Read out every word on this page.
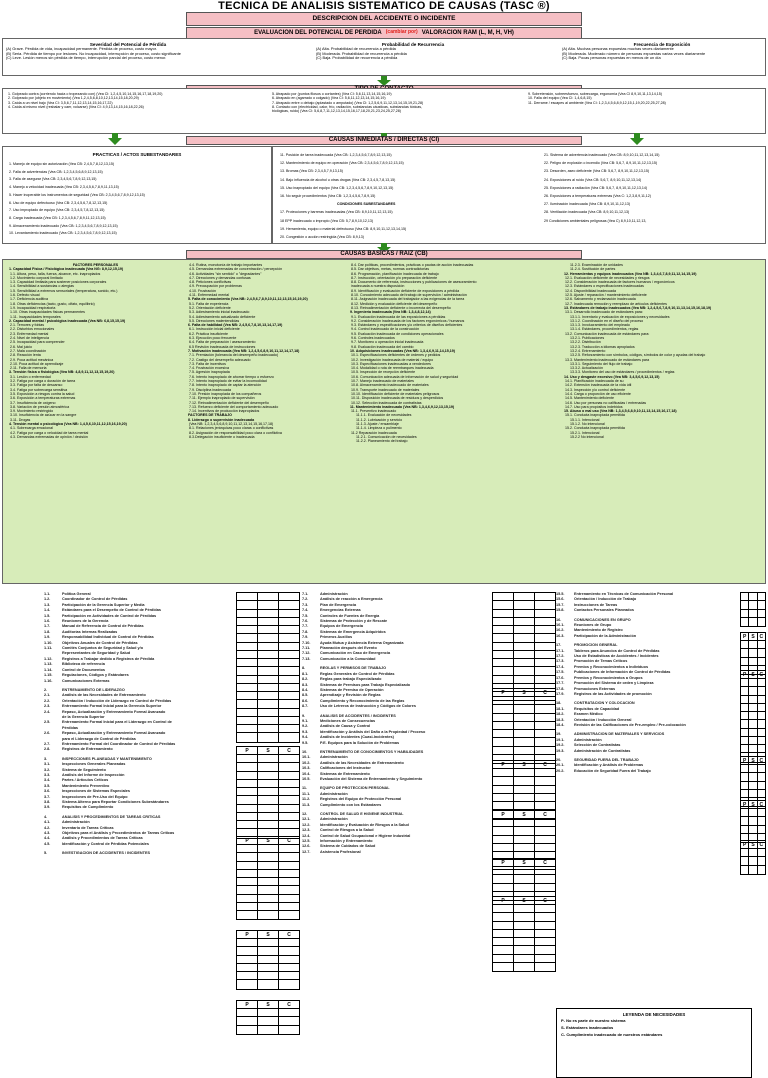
TECNICA DE ANALISIS SISTEMATICO DE CAUSAS (TASC ®)
DESCRIPCION DEL ACCIDENTE O INCIDENTE
EVALUACION DEL POTENCIAL DE PERDIDA (cambiar por) VALORACION RAM (L, M, H, VH)
Severidad del Potencial de Pérdida
(A) Grave. Pérdida de vida, incapacidad permanente. Pérdida de proceso, costo mayor.
(B) Seria. Pérdida de tiempo por lesiones. No incapacidad, interrupción de proceso, costo significante
(C) Leve. Lesión menos sin pérdida de tiempo, interrupción parcial del proceso, costo menor.
Probabilidad de Recurrencia
(A) Alta. Probabilidad de recurrencia a pérdida
(B) Moderada. Probabilidad de recurrencia a pérdida
(C) Baja. Probabilidad de recurrencia a pérdida
Frecuencia de Exposición
(A) Alta. Muchas personas expuestas muchas veces diariamente
(B) Moderada. Moderado número de personas expuestas varias veces diariamente
(C) Baja. Pocas personas expuestas en menos de un día
1. Golpeado contra (corriendo hacia o tropezando con) (Vea CI: 1,2,4,5,10,14,15,16,17,18,19,20)
2. Golpeado por (objeto en movimiento) (Vea 1,2,4,5,6,8,10,12,13,14,15,18,20,29)
3. Caída a un nivel bajo (Vea CI: 3,5,6,7,11,12,13,14,15,16,17,22)
4. Caída al mismo nivel (resbalar y caer, volcarse) (Vea CI: 4,9,13,14,15,16,18,22,26)
5. Atrapado por (puntos filosos o cortantes) (Vea CI: 5,6,11,13,14,15,16,19)
6. Atrapado en (agarrado o colgado) (Vea CI: 5,6,11,12,13,14,15,16,19)
7. Atrapado entre o debajo (aplastado o amputado) (Vea CI: 1,2,5,6,9,11,12,13,14,15,19,21,28)
8. Contacto con (electricidad, calor, frío, radiación, substancias cáusticas, substancias tóxicas,
biológicas, ruido) (Vea CI: 5,6,8,7,11,12,13,14,15,16,17,18,20,21,23,24,25,27,28)
9. Sobretensión, sobreesfuerzo, sobrecarga, ergonomía (Vea CI 8,9,10,11,13,14,15)
10. Falla del equipo (Vea CI: 1,4,6,8,15)
11. Derrame / escapes al ambiente (Vea CI: 1,2,3,4,5,6,8,9,12,15,1,19,20,22,25,27,28)
CAUSAS INMEDIATAS / DIRECTAS (CI)
PRACTICAS / ACTOS SUBESTANDARES
1. Manejo de equipo sin autorización (Vea CB: 2,4,5,7,8,12,13,15)
2. Falla de advertencias (Vea CB: 1,2,3,4,5,6,8,9,12,13,15)
3. Falla de asegurar (Vea CB: 2,3,4,5,6,7,8,9,12,13,15)
4. Manejo a velocidad inadecuada (Vea CB: 2,3,4,5,6,7,8,9,11,13,15)
5. Hacer inoperable los instrumentos de seguridad (Vea CB: 2,3,4,5,6,7,8,9,12,13,15)
6. Uso de equipo defectuoso (Vea CB: 2,3,4,5,6,7,8,12,13,15)
7. Uso impropiado de equipo (Vea CB: 2,3,4,5,7,8,12,13,15)
8. Carga inadecuada (Vea CB: 1,2,3,4,5,6,7,8,9,11,12,13,15)
9. Almacenamiento inadecuado (Vea CB: 1,2,3,4,5,6,7,8,9,12,13,15)
10. Levantamiento inadecuado (Vea CB: 1,2,3,4,5,6,7,8,9,12,13,15)
11. Posición de tarea inadecuada (Vea CB: 1,2,3,4,5,6,7,8,9,12,13,15)
12. Mantenimiento de equipo en operación (Vea CB: 2,3,4,5,6,7,8,9,12,13,15)
13. Bromas (Vea CB: 2,3,4,5,7,9,13,15)
14. Bajo influencia de alcohol u otras drogas (Vea CB: 2,3,4,5,7,8,13,15)
15. Uso inapropiado del equipo (Vea CB: 1,2,3,4,5,6,7,8,9,10,12,13,15)
16. No seguir procedimientos (Vea CB: 1,2,3,4,5,6,7,8,9,15)
CONDICIONES SUBESTANDARES
17. Protecciones y barreras inadecuadas (Vea CB: 8,9,10,11,12,13,15)
18 EPP inadecuado o impropio (Vea CB: 5,7,8,9,10,12,13)
19. Herramienta, equipo o material defectuoso (Vea CB: 8,9,10,11,12,13,14,15)
20. Congestión o acción restringida (Vea CB: 8,9,13)
21. Sistema de advertencia inadecuado (Vea CB: 8,9,10,11,12,13,14,15)
22. Peligro de explosión o incendio (Vea CB: 5,6,7, 8,9,10,11,12,13,15)
23. Desorden, aseo deficiente (Vea CB: 5,6,7, 8,9,10,11,12,13,15)
24. Exposiciones al ruido (Vea CB: 5,6,7, 8,9,10,11,12,13,14)
25. Exposiciones a radiación (Vea CB: 5,6,7, 8,9,10,11,12,13,14)
26. Exposiciones a temperaturas extremas (Vea C: 1,2,3,8,9,11,12)
27. Iluminación inadecuada (Vea CB: 8,9,10,11,12,13)
28. Ventilación inadecuada (Vea CB: 8,9,10,11,12,13)
29 Condiciones ambientales peligrosas (Vea C) 8,9,10,11,12,13,
CAUSAS BASICAS / RAIZ (CB)
FACTORES PERSONALES
1. Capacidad Física / Fisiológica inadecuada (Vea NG: 8,9,12,15,19)
1.1. Altura, peso, talla, fuerza, alcance, etc. inapropiados
1.2. Movimiento corporal limitado
1.3. Capacidad limitada para sostener posiciones corporales
1.4. Sensibilidad a sustancias o alergias
1.5. Sensibilidad a extremos sensoriales (temperatura, sonido, etc.)
1.6. Defecto visual
1.7. Deficiencia auditiva
1.8. Otras deficiencias (tacto, gusto, olfato, equilibrio)
1.9. Incapacidad respiratoria
1.10. Otras incapacidades físicas permanentes
1.11. Incapacidades temporales
2. Capacidad mental / psicológica inadecuada (Vea NB: 6,8,15,15,19)
2.1. Temores y fobias
2.2. Disturbios emocionales
2.3. Enfermedad mental
2.4. Nivel de inteligencia
2.5. Incapacidad para comprender
2.6. Mal juicio
2.7. Mala coordinación
2.8. Reacción lenta
2.9. Poca actitud mecánica
2.10. Poca actitud de aprendizaje
2.11. Falla de memoria
3. Tensión física o fisiológica (Vea NB: 4,8,9,11,12,13,15,19,20)
3.1. Lesión o enfermedad
3.2. Fatiga por carga o duración de tarea
3.3. Fatiga por falta de descanso
3.4. Fatiga por sobrecarga sensitiva
3.5. Exposición a riesgos contra la salud
3.6. Exposición a temperaturas extremas
3.7. Insuficiencia de oxígeno
3.8. Variación de presión atmosférica
3.9. Movimiento restringido
3.10. Insuficiencia de azúcar en la sangre
3.11. Drogas
4. Tensión mental o psicológica (Vea NB: 1,4,5,6,10,11,12,15,16,19,20)
4.1. Sobrecarga emocional
4.2. Fatiga por carga o velocidad de tarea mental
4.3. Demandas extremadas de opinión / decisión
4.4. Rutina, monotonía de trabajo importantes
4.5. Demandas extremadas de concentración / percepción
4.6. Actividades "sin sentido" o "degradantes"
4.7. Direcciones y demandas confusas
4.8. Peticiones conflictivas
4.9. Preocupación por problemas
4.10. Frustración
4.11. Enfermedad mental
5. Falta de conocimiento (Vea NB: 2,4,5,6,7,8,9,10,11,12,13,15,16,19,20)
5.1. Falta de experiencia
5.2. Orientación deficiente
5.3. Adiestramiento inicial inadecuado
5.4. Adiestramiento actualizado deficiente
5.5. Direcciones malentendidas
6. Falta de habilidad (Vea NB: 2,4,5,6,7,8,10,13,14,17,19)
6.1. Instrucción inicial deficiente
6.2. Práctica insuficiente
6.3. Ejecución poco frecuente
6.4. Falta de preparación / asesoramiento
6.5 Revisión inadecuada de instrucciones
7. Motivación inadecuada (Vea NB: 1,2,4,5,6,8,9,10,11,12,14,17,18)
7.1. Premiación (tolerancia del desempeño inadecuado)
7.2. Castigo del desempeño adecuado
7.3. Falta de incentivos
7.4. Frustración excesiva
7.5. Agresión inapropiada
7.6. Intento inapropiado de ahorrar tiempo o esfuerzo
7.7. Intento inapropiado de evitar la incomodidad
7.8. Intento inapropiado de captar la atención
7.9. Disciplina inadecuada
7.10. Presión inapropiada de los compañeros
7.11. Ejemplo inapropiado de supervisión
7.12. Retroalimentación deficiente del desempeño
7.13. Refuerzo deficiente del comportamiento adecuado
7.14. Incentivos de producción inapropiados
FACTORES DE TRABAJO
8. Liderazgo o supervisión inadecuada
(Vea NB: 1,2,3,4,5,6,8,9,10,11,12,13,14,15,16,17,18)
8.1. Relaciones jerárquicas poco claras o conflictivas
8.2. Asignación de responsabilidad poco clara o conflictiva
8.3.Delegación insuficiente o inadecuada
8.4. Dar políticas, procedimientos, prácticas o pautas de acción inadecuadas
8.5. Dar objetivos, metas, normas contradictorias
8.6. Programación, planificación inadecuada de trabajo
8.7. Instrucción, orientación y/o preparación deficiente
8.8. Documento de referencia, instrucciones y publicaciones de asesoramiento
inadecuada a nuestra disposición
8.9. Identificación y evaluación deficiente de exposiciones a pérdida
8.10. Conocimiento adecuado del trabajo de supervisión / administración
8.11. Asignación inadecuada del trabajador a las exigencias de la tarea
8.12. Medición y evaluación deficiente del desempeño
8.13. Retroalimentación deficiente o incorrecta del desempeño
9. Ingeniería inadecuada (Vea NB: 1,3,4,8,12,14)
9.1. Evaluación inadecuada de las exposiciones a pérdidas
9.2. Consideración inadecuada de los factores ergonómicos / humanos
9.3. Estándares y especificaciones y/o criterios de diseños deficientes
9.4. Control inadecuado de la construcción
9.5. Evaluación inadecuada de condiciones operacionales
9.6. Controles inadecuados
9.7. Monitoreo u operación inicial inadecuada
9.8. Evaluación inadecuada del cambio
10. Adquisiciones inadecuadas (Vea NB: 1,3,4,6,9,11,14,15,19)
10.1. Especificaciones deficientes de órdenes y pedidos
10.2. Investigación inadecuada de material / equipo
10.3. Especificaciones inadecuadas a vendedores
10.4. Modalidad o ruta de reembarques inadecuada
10.5. Inspección de recepción deficiente
10.6. Comunicación adecuada de información de salud y seguridad
10.7. Manejo inadecuado de materiales
10.8. Almacenamiento inadecuado de materiales
10.9. Transporte inadecuado de materiales
10.10. Identificación deficiente de materiales peligrosos
10.11. Disposición inadecuada de residuos y desperdicios
10.12. Selección inadecuada de contratistas
11. Mantenimiento inadecuado (Vea NB: 1,3,4,6,9,12,13,15,19)
11.1. Preventivo inadecuado
11.1.1. Evaluación de necesidades
11.1.2. Lubricación y servicio
11.1.3. Ajuste / ensamblaje
11.1.4. Limpieza o pulimento
11.2 Reparación inadecuada
11.2.1. Comunicación de necesidades
11.2.2. Planeamiento del trabajo
11.2.3. Examinación de unidades
11.2.4. Sustitución de partes
12. Herramientas y equipos inadecuados (Vea NB: 1,3,4,6,7,8,9,11,12,14,15,19)
12.1. Evaluación deficiente de necesidades y riesgos
12.2. Consideración inadecuada de factores humanos / ergonómicos
12.3. Estándares o especificaciones inadecuadas
12.4. Disponibilidad inadecuada
12.5. Ajuste / reparación / mantenimiento deficiente
12.6. Salvamento y reclamación inadecuada
12.7. Inadecuada remoción y reemplazo de artículos deficientes
13. Estándares de trabajo inadecuados (Vea NB: 1,2,4,5,6,7,8,9,10,11,13,14,15,16,18,19)
13.1. Desarrollo inadecuado de estándares para:
13.1.1. Inventario y evaluación de exposiciones y necesidades
13.1.2. Coordinación en el diseño del proceso
13.1.3. Involucramiento del empleado
13.1.4. Estándares, procedimientos, reglas
13.2. Comunicación inadecuada de estándares para:
13.2.1. Publicaciones
13.2.2. Distribución
13.2.3. Traducción a idiomas apropiados
13.2.4. Entrenamiento
13.2.5. Reforzamiento con símbolos, códigos, símbolos de color y ayudas del trabajo
13.3. Mantenimiento inadecuado de estándares para
13.3.1. Seguimiento del flujo de trabajo
13.3.2. Actualización
13.3.3. Monitoreo del uso de estándares / procedimientos / reglas
14. Uso y desgaste excesivo (Vea NB: 3,4,5,6,9,12,13,15)
14.1. Planificación inadecuada de su
14.2. Extensión inadecuada de la vida útil
14.3. Inspección y/o control deficiente
14.4. Carga o proporción de uso eficiente
14.5. Mantenimiento deficiente
14.6. Uso por personas no calificadas / entrenadas
14.7. Uso para propósitos indebidos
15. Abuso o mal uso (Vea NB: 1,3,4,5,6,8,9,10,11,13,14,15,16,17,18)
15.1. Conducta inapropiada permitida
15.1.1. Intencional
15.1.2. No intencional
15.2. Conducta inapropiada permitida
15.2.1. Intencional
15.2.2 No intencional
1.1.	Política General
1.2.	Coordinador de Control de Pérdidas
1.3.	Participación de la Gerencia Superior y Media
1.4.	Estándares para el Desempeño de Control de Pérdidas
1.5.	Participación en Actividades de Control de Pérdidas
1.6.	Reuniones de la Gerencia
1.7.	Manual de Referencia de Control de Pérdidas
1.8.	Auditorías Internas Realizadas
1.9.	Responsabilidad Individual de Control de Pérdidas
1.10.	Objetivos Anuales de Control de Pérdidas
1.11.	Comités Conjuntos de Seguridad y Salud y/o
Representantes de Seguridad y Salud
1.12.	Registros a Trabajar dedido a Registros de Pérdida
1.13.	Biblioteca de referencia
1.14.	Control de Documentos
1.15.	Regulaciones, Códigos y Estándares
1.16.	Comunicaciones Externas
2.	ENTRENAMIENTO DE LIDERAZGO
2.1.	Análisis de las Necesidades de Entrenamiento
2.2.	Orientación / Inducción de Liderazgo en Control de Pérdidas
2.3.	Entrenamiento Formal Inicial para la Gerencia Superior
2.4.	Repaso, Actualización y Entrenamiento Formal Avanzado
de la Gerencia Superior
2.5.	Entrenamiento Formal Inicial para el Liderazgo en Control de
Pérdidas
2.6.	Repaso, Actualización y Entrenamiento Formal Avanzado
para el Liderazgo de Control de Pérdidas
2.7.	Entrenamiento Formal del Coordinador de Control de Pérdidas
2.8.	Registros de Entrenamiento
3.	INSPECCIONES PLANEADAS Y MANTENIMIENTO
3.1.	Inspecciones Generales Planeadas
3.2.	Sistema de Seguimiento
3.3.	Análisis del Informe de Inspección
3.4.	Partes / Artículos Críticos
3.5.	Mantenimiento Preventivo
3.6.	Inspecciones de Sistemas Especiales
3.7.	Inspecciones de Pre-Uso del Equipo
3.8.	Sistema Alterno para Reportar Condiciones Subestándares
3.9.	Requisitos de Cumplimiento
4.	ANALISIS Y PROCEDIMIENTOS DE TAREAS CRITICAS
4.1.	Administración
4.2.	Inventario de Tareas Críticas
4.3.	Objetivos para el Análisis y Procedimientos de Tareas Críticas
4.4.	Análisis y Procedimientos de Tareas Críticas
4.5.	Identificación y Control de Pérdidas Potenciales
5.	INVESTIGACION DE ACCIDENTES / INCIDENTES
7.1.	Administración
7.2.	Análisis de reacción a Emergencia
7.3.	Plan de Emergencia
7.4.	Emergencias Externas
7.5.	Controles de Fuentes de Energía
7.6.	Sistemas de Protección y de Rescate
7.7.	Equipos de Emergencia
7.8.	Sistemas de Emergencia Adquiridos
7.9.	Primeros Auxilios
7.10.	Ayuda Mutua y Asistencia Externa Organizada
7.11.	Planeación después del Evento
7.12.	Comunicación en Caso de Emergencia
7.13.	Comunicación a la Comunidad
8.	REGLAS Y PERMISOS DE TRABAJO
8.1.	Reglas Generales de Control de Pérdidas
8.2.	Reglas para trabajo Especializado
8.3.	Sistemas de Permisos para Trabajo Especializado
8.4.	Sistemas de Permiso de Operación
8.5.	Aprendizaje y Revisión de Reglas
8.6.	Cumplimiento y Reconocimiento de las Reglas
8.7.	Uso de Letreros de Instrucción y Códigos de Colores
9.	ANALISIS DE ACCIDENTES / INCIDENTES
9.1.	Mediciones de Consecuencias
9.2.	Análisis de Causa y Control
9.3.	Identificación y Análisis del Daño a la Propiedad / Proceso
9.4.	Análisis de Incidentes (Cuasi-Incidentes)
9.5.	P.E. Equipos para la Solución de Problemas
10.	ENTRENAMIENTO DE CONOCIMIENTOS Y HABILIDADES
10.1.	Administración
10.2.	Análisis de las Necesidades de Entrenamiento
10.3.	Calificaciones del Instructor
10.4.	Sistemas de Entrenamiento
10.5.	Evaluación del Sistema de Entrenamiento y Seguimiento
11.	EQUIPO DE PROTECCION PERSONAL
11.1.	Administración
11.2.	Registros del Equipo de Protección Personal
11.3.	Cumplimiento con los Estándares
12.	CONTROL DE SALUD E HIGIENE INDUSTRIAL
12.1.	Administración
12.2.	Identificación y Evaluación de Riesgos a la Salud
12.3.	Control de Riesgos a la Salud
12.4.	Control de Salud Ocupacional e Higiene Industrial
12.5.	Información y Entrenamiento
12.6.	Sistema de Cuidados de Salud
12.7.	Asistencia Profesional
15.5.	Entrenamiento en Técnicas de Comunicación Personal
15.6.	Orientación / Inducción de Trabajo
15.7.	Instrucciones de Tareas
15.8.	Contactos Personales Planeados
16.	COMUNICACIONES EN GRUPO
16.1.	Reuniones de Grupo
16.2.	Mantenimiento de Registro
16.3.	Participación de la Administración
17.	PROMOCION GENERAL
17.1.	Tableros para Anuncios de Control de Pérdidas
17.2.	Uso de Estadísticas de Accidentes / Incidentes
17.3.	Promoción de Temas Críticos
17.4.	Premios y Reconocimientos a Individuos
17.5.	Publicaciones de Información de Control de Pérdidas
17.6.	Premios y Reconocimientos a Grupos
17.7.	Promoción del Sistema de orden y Limpieza
17.8.	Promociones Externas
17.9.	Registros de las Actividades de promoción
18.	CONTRATACION Y COLOCACION
18.1.	Requisitos de Capacidad
18.2.	Examen Médico
18.3.	Orientación / Inducción General
18.4.	Revisión de las Calificaciones de Pre-empleo / Pre-colocación
19.	ADMINISTRACION DE MATERIALES Y SERVICIOS
19.1.	Administración
19.2.	Selección de Contratistas
19.3.	Administración de Contratistas
20.	SEGURIDAD FUERA DEL TRABAJO
20.1.	Identificación y Análisis de Problemas
20.2.	Educación de Seguridad Fuera del Trabajo
P	S	C
P	S	C
P	S	C
P	S	C
P	S	C
P	S	C
P	S	C
P	S	C
P	S	C
P S C
P S C
P S C
P S C
P S C
LEYENDA DE NECESIDADES
P- No es parte de nuestro sistema
S- Estándares inadecuados
C- Cumplimiento inadecuado de nuestros estándares
